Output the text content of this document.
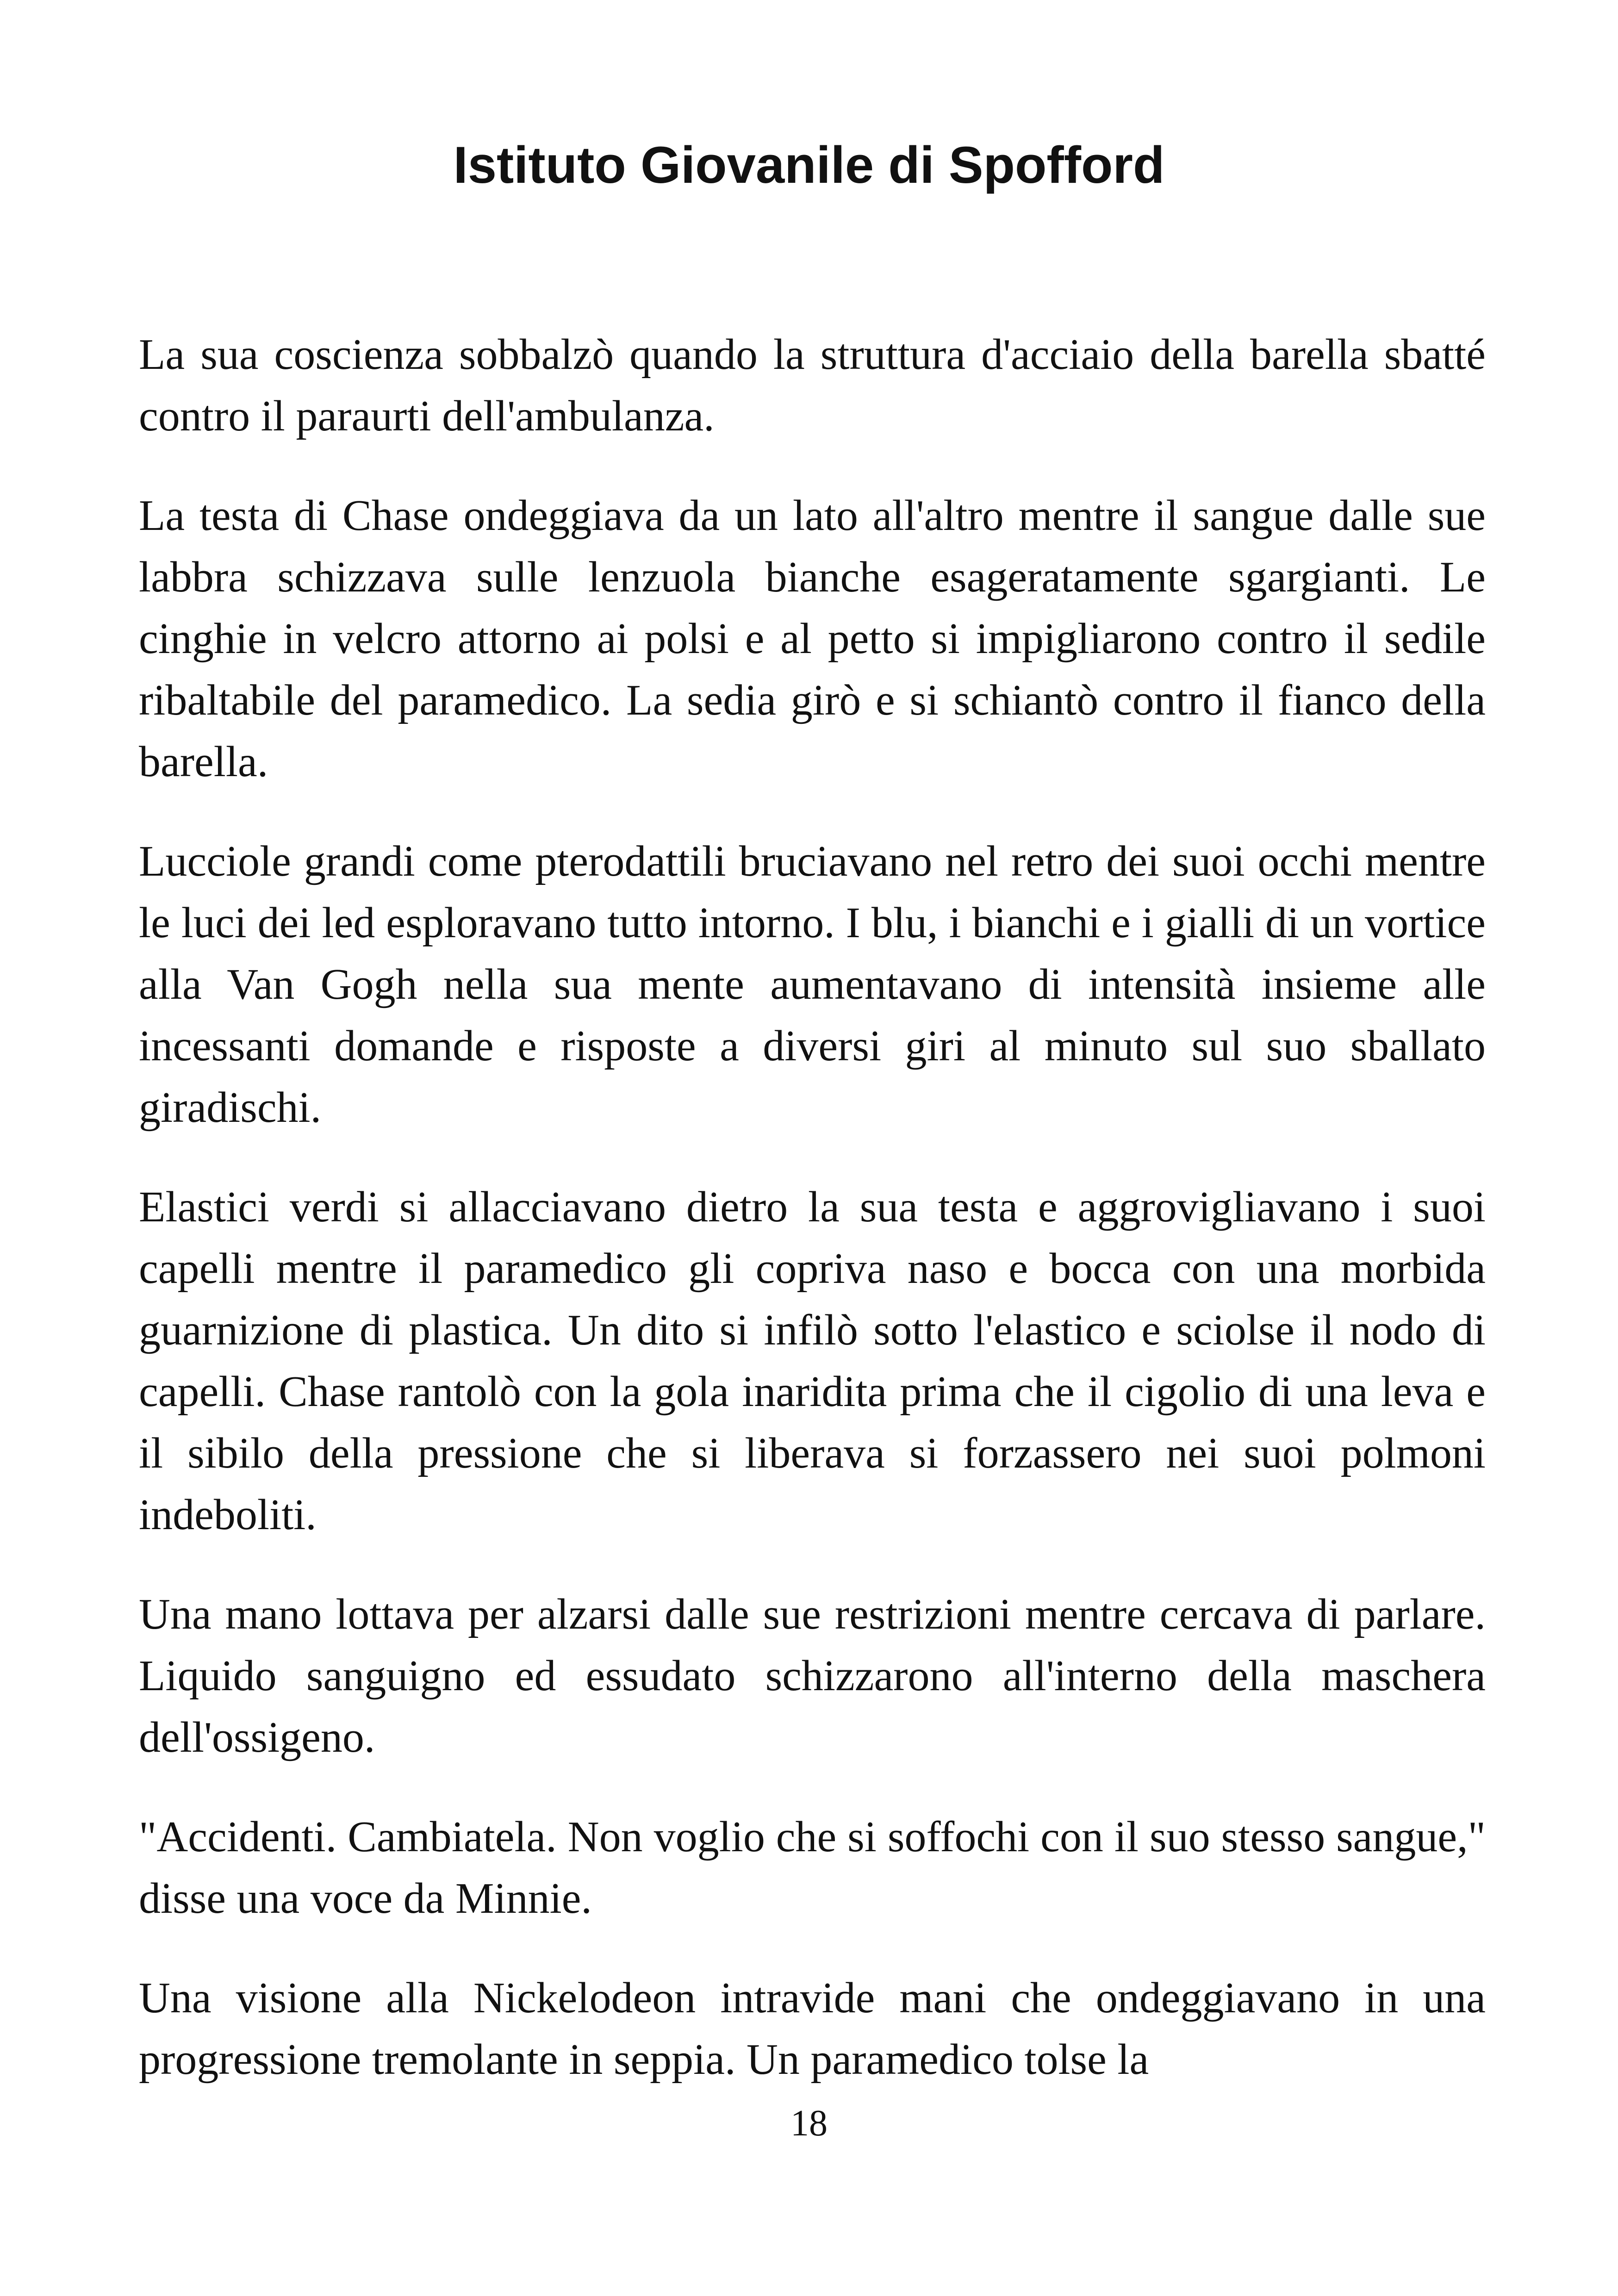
Istituto Giovanile di Spofford

La sua coscienza sobbalzò quando la struttura d'acciaio della barella sbatté contro il paraurti dell'ambulanza.

La testa di Chase ondeggiava da un lato all'altro mentre il sangue dalle sue labbra schizzava sulle lenzuola bianche esageratamente sgargianti. Le cinghie in velcro attorno ai polsi e al petto si impigliarono contro il sedile ribaltabile del paramedico. La sedia girò e si schiantò contro il fianco della barella.

Lucciole grandi come pterodattili bruciavano nel retro dei suoi occhi mentre le luci dei led esploravano tutto intorno. I blu, i bianchi e i gialli di un vortice alla Van Gogh nella sua mente aumentavano di intensità insieme alle incessanti domande e risposte a diversi giri al minuto sul suo sballato giradischi.

Elastici verdi si allacciavano dietro la sua testa e aggrovigliavano i suoi capelli mentre il paramedico gli copriva naso e bocca con una morbida guarnizione di plastica. Un dito si infilò sotto l'elastico e sciolse il nodo di capelli. Chase rantolò con la gola inaridita prima che il cigolio di una leva e il sibilo della pressione che si liberava si forzassero nei suoi polmoni indeboliti.

Una mano lottava per alzarsi dalle sue restrizioni mentre cercava di parlare. Liquido sanguigno ed essudato schizzarono all'interno della maschera dell'ossigeno.

"Accidenti. Cambiatela. Non voglio che si soffochi con il suo stesso sangue," disse una voce da Minnie.

Una visione alla Nickelodeon intravide mani che ondeggiavano in una progressione tremolante in seppia. Un paramedico tolse la

18
